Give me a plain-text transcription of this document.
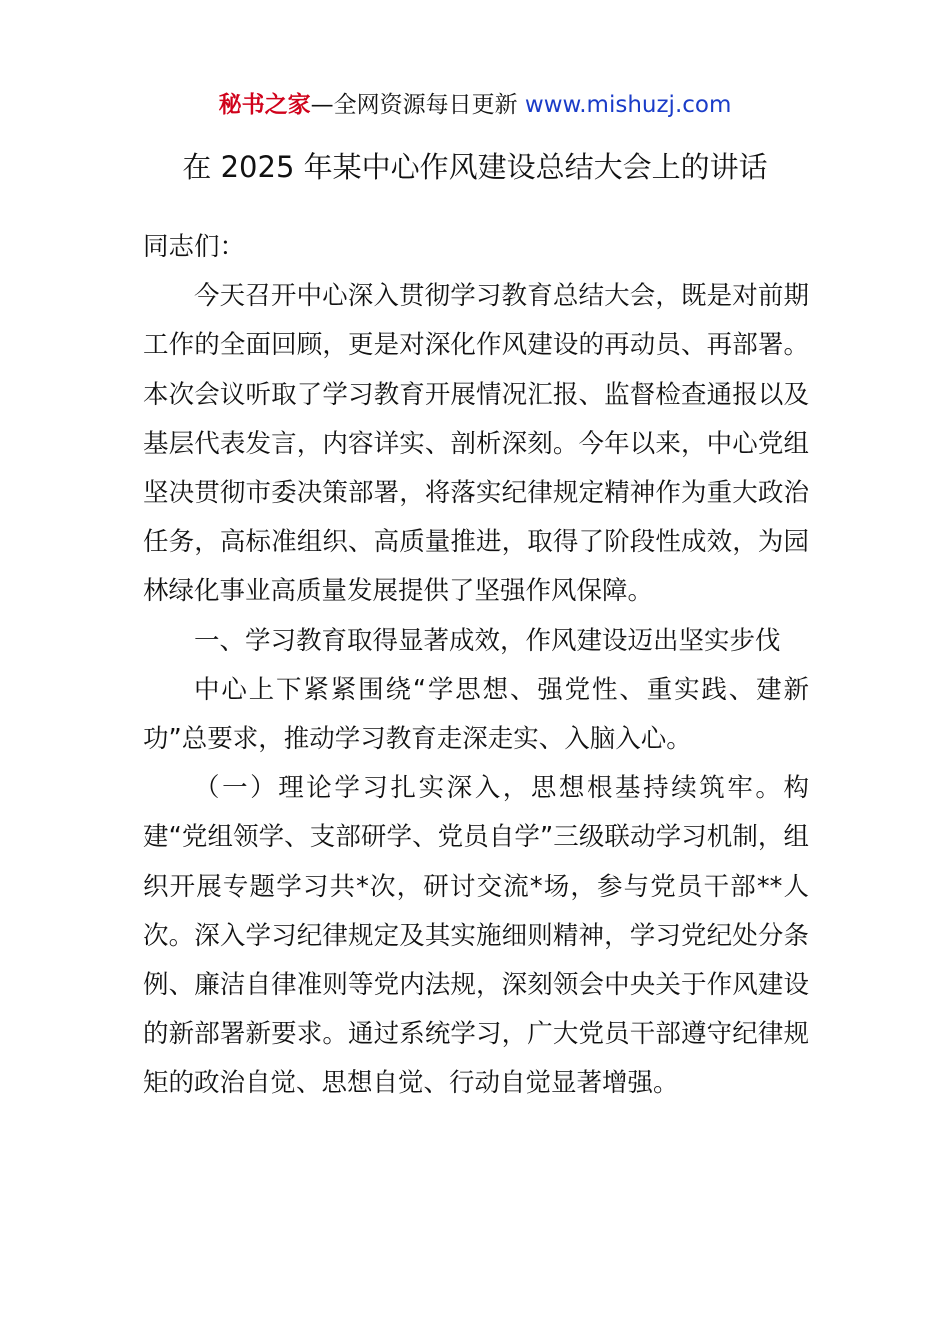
秘书之家—全网资源每日更新 www.mishuzj.com
在 2025 年某中心作风建设总结大会上的讲话

同志们：

今天召开中心深入贯彻学习教育总结大会，既是对前期工作的全面回顾，更是对深化作风建设的再动员、再部署。本次会议听取了学习教育开展情况汇报、监督检查通报以及基层代表发言，内容详实、剖析深刻。今年以来，中心党组坚决贯彻市委决策部署，将落实纪律规定精神作为重大政治任务，高标准组织、高质量推进，取得了阶段性成效，为园林绿化事业高质量发展提供了坚强作风保障。

一、学习教育取得显著成效，作风建设迈出坚实步伐

中心上下紧紧围绕“学思想、强党性、重实践、建新功”总要求，推动学习教育走深走实、入脑入心。

（一）理论学习扎实深入，思想根基持续筑牢。构建“党组领学、支部研学、党员自学”三级联动学习机制，组织开展专题学习共*次，研讨交流*场，参与党员干部**人次。深入学习纪律规定及其实施细则精神，学习党纪处分条例、廉洁自律准则等党内法规，深刻领会中央关于作风建设的新部署新要求。通过系统学习，广大党员干部遵守纪律规矩的政治自觉、思想自觉、行动自觉显著增强。
